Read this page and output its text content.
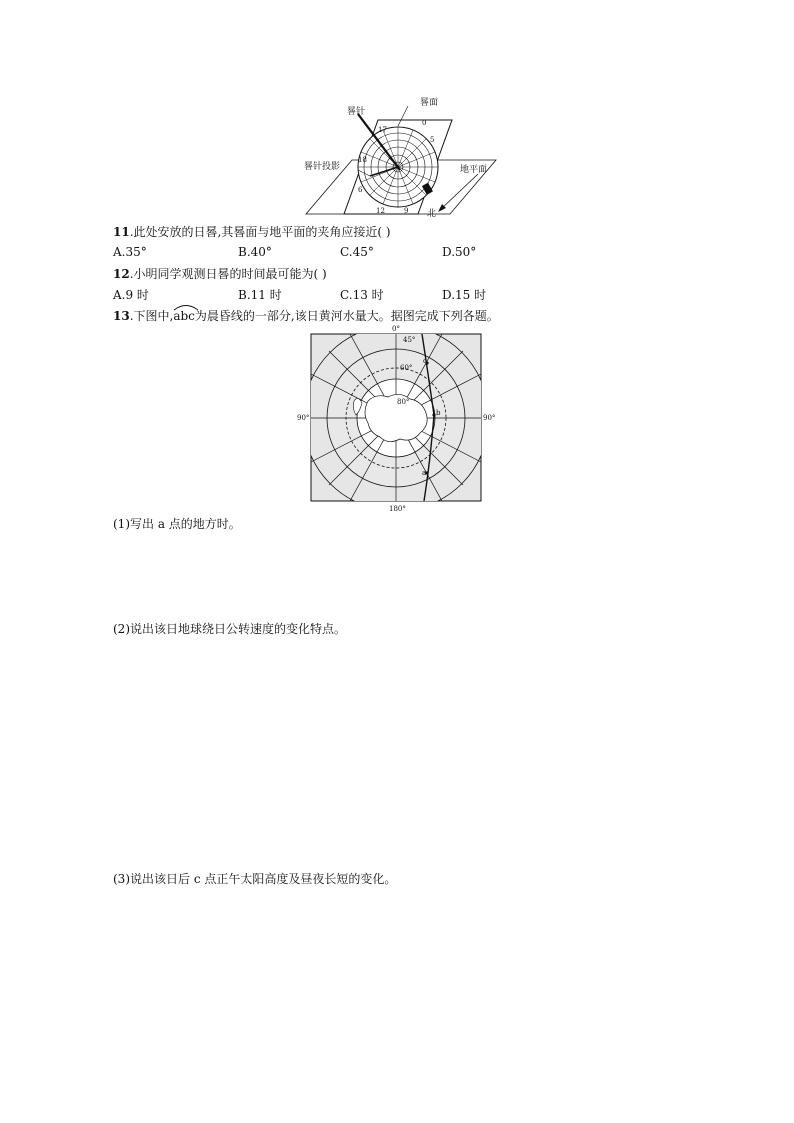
晷针
晷面
晷针投影	地平面
北
0
17
5
12	9
6
18
11.此处安放的日晷,其晷面与地平面的夹角应接近( )
A.35°	B.40°	C.45°	D.50°
12.小明同学观测日晷的时间最可能为( )
A.9 时	B.11 时	C.13 时	D.15 时
13.下图中,
abc为晨昏线的一部分,该日黄河水量大。据图完成下列各题。
0°
180°
90°	90°
45°
60°
80°
a
b
c
(1)写出 a 点的地方时。
(2)说出该日地球绕日公转速度的变化特点。
(3)说出该日后 c 点正午太阳高度及昼夜长短的变化。
